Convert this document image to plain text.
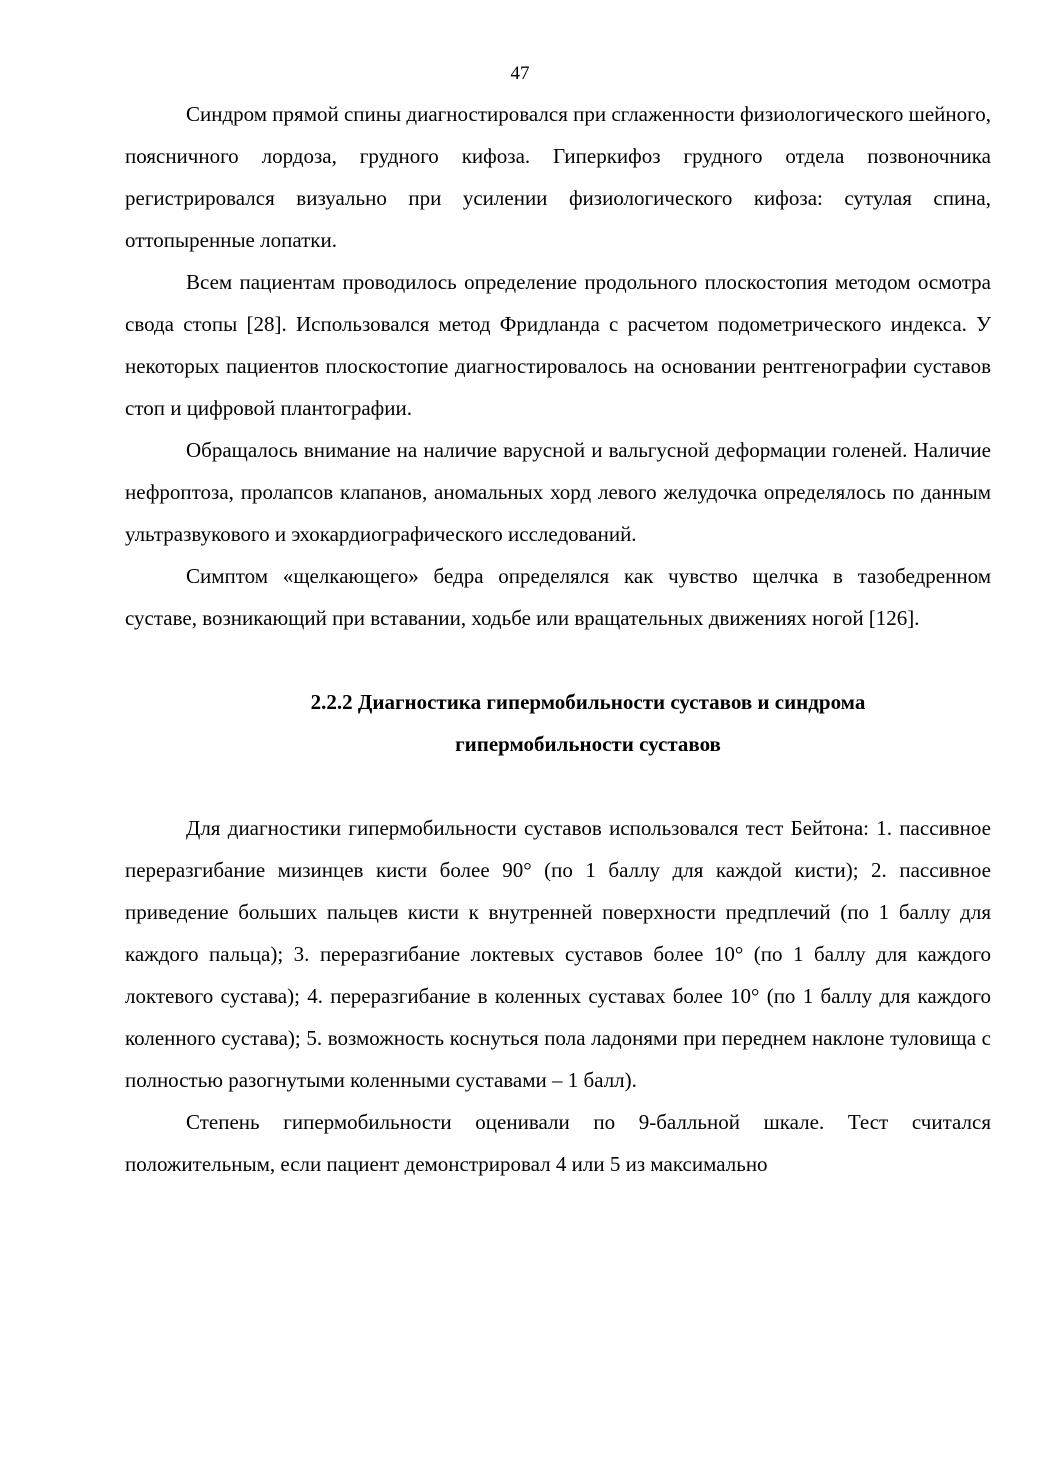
47

Синдром прямой спины диагностировался при сглаженности физиологического шейного, поясничного лордоза, грудного кифоза. Гиперкифоз грудного отдела позвоночника регистрировался визуально при усилении физиологического кифоза: сутулая спина, оттопыренные лопатки.

Всем пациентам проводилось определение продольного плоскостопия методом осмотра свода стопы [28]. Использовался метод Фридланда с расчетом подометрического индекса. У некоторых пациентов плоскостопие диагностировалось на основании рентгенографии суставов стоп и цифровой плантографии.

Обращалось внимание на наличие варусной и вальгусной деформации голеней. Наличие нефроптоза, пролапсов клапанов, аномальных хорд левого желудочка определялось по данным ультразвукового и эхокардиографического исследований.

Симптом «щелкающего» бедра определялся как чувство щелчка в тазобедренном суставе, возникающий при вставании, ходьбе или вращательных движениях ногой [126].

2.2.2 Диагностика гипермобильности суставов и синдрома
гипермобильности суставов

Для диагностики гипермобильности суставов использовался тест Бейтона: 1. пассивное переразгибание мизинцев кисти более 90° (по 1 баллу для каждой кисти); 2. пассивное приведение больших пальцев кисти к внутренней поверхности предплечий (по 1 баллу для каждого пальца); 3. переразгибание локтевых суставов более 10° (по 1 баллу для каждого локтевого сустава); 4. переразгибание в коленных суставах более 10° (по 1 баллу для каждого коленного сустава); 5. возможность коснуться пола ладонями при переднем наклоне туловища с полностью разогнутыми коленными суставами – 1 балл).

Степень гипермобильности оценивали по 9-балльной шкале. Тест считался положительным, если пациент демонстрировал 4 или 5 из максимально
